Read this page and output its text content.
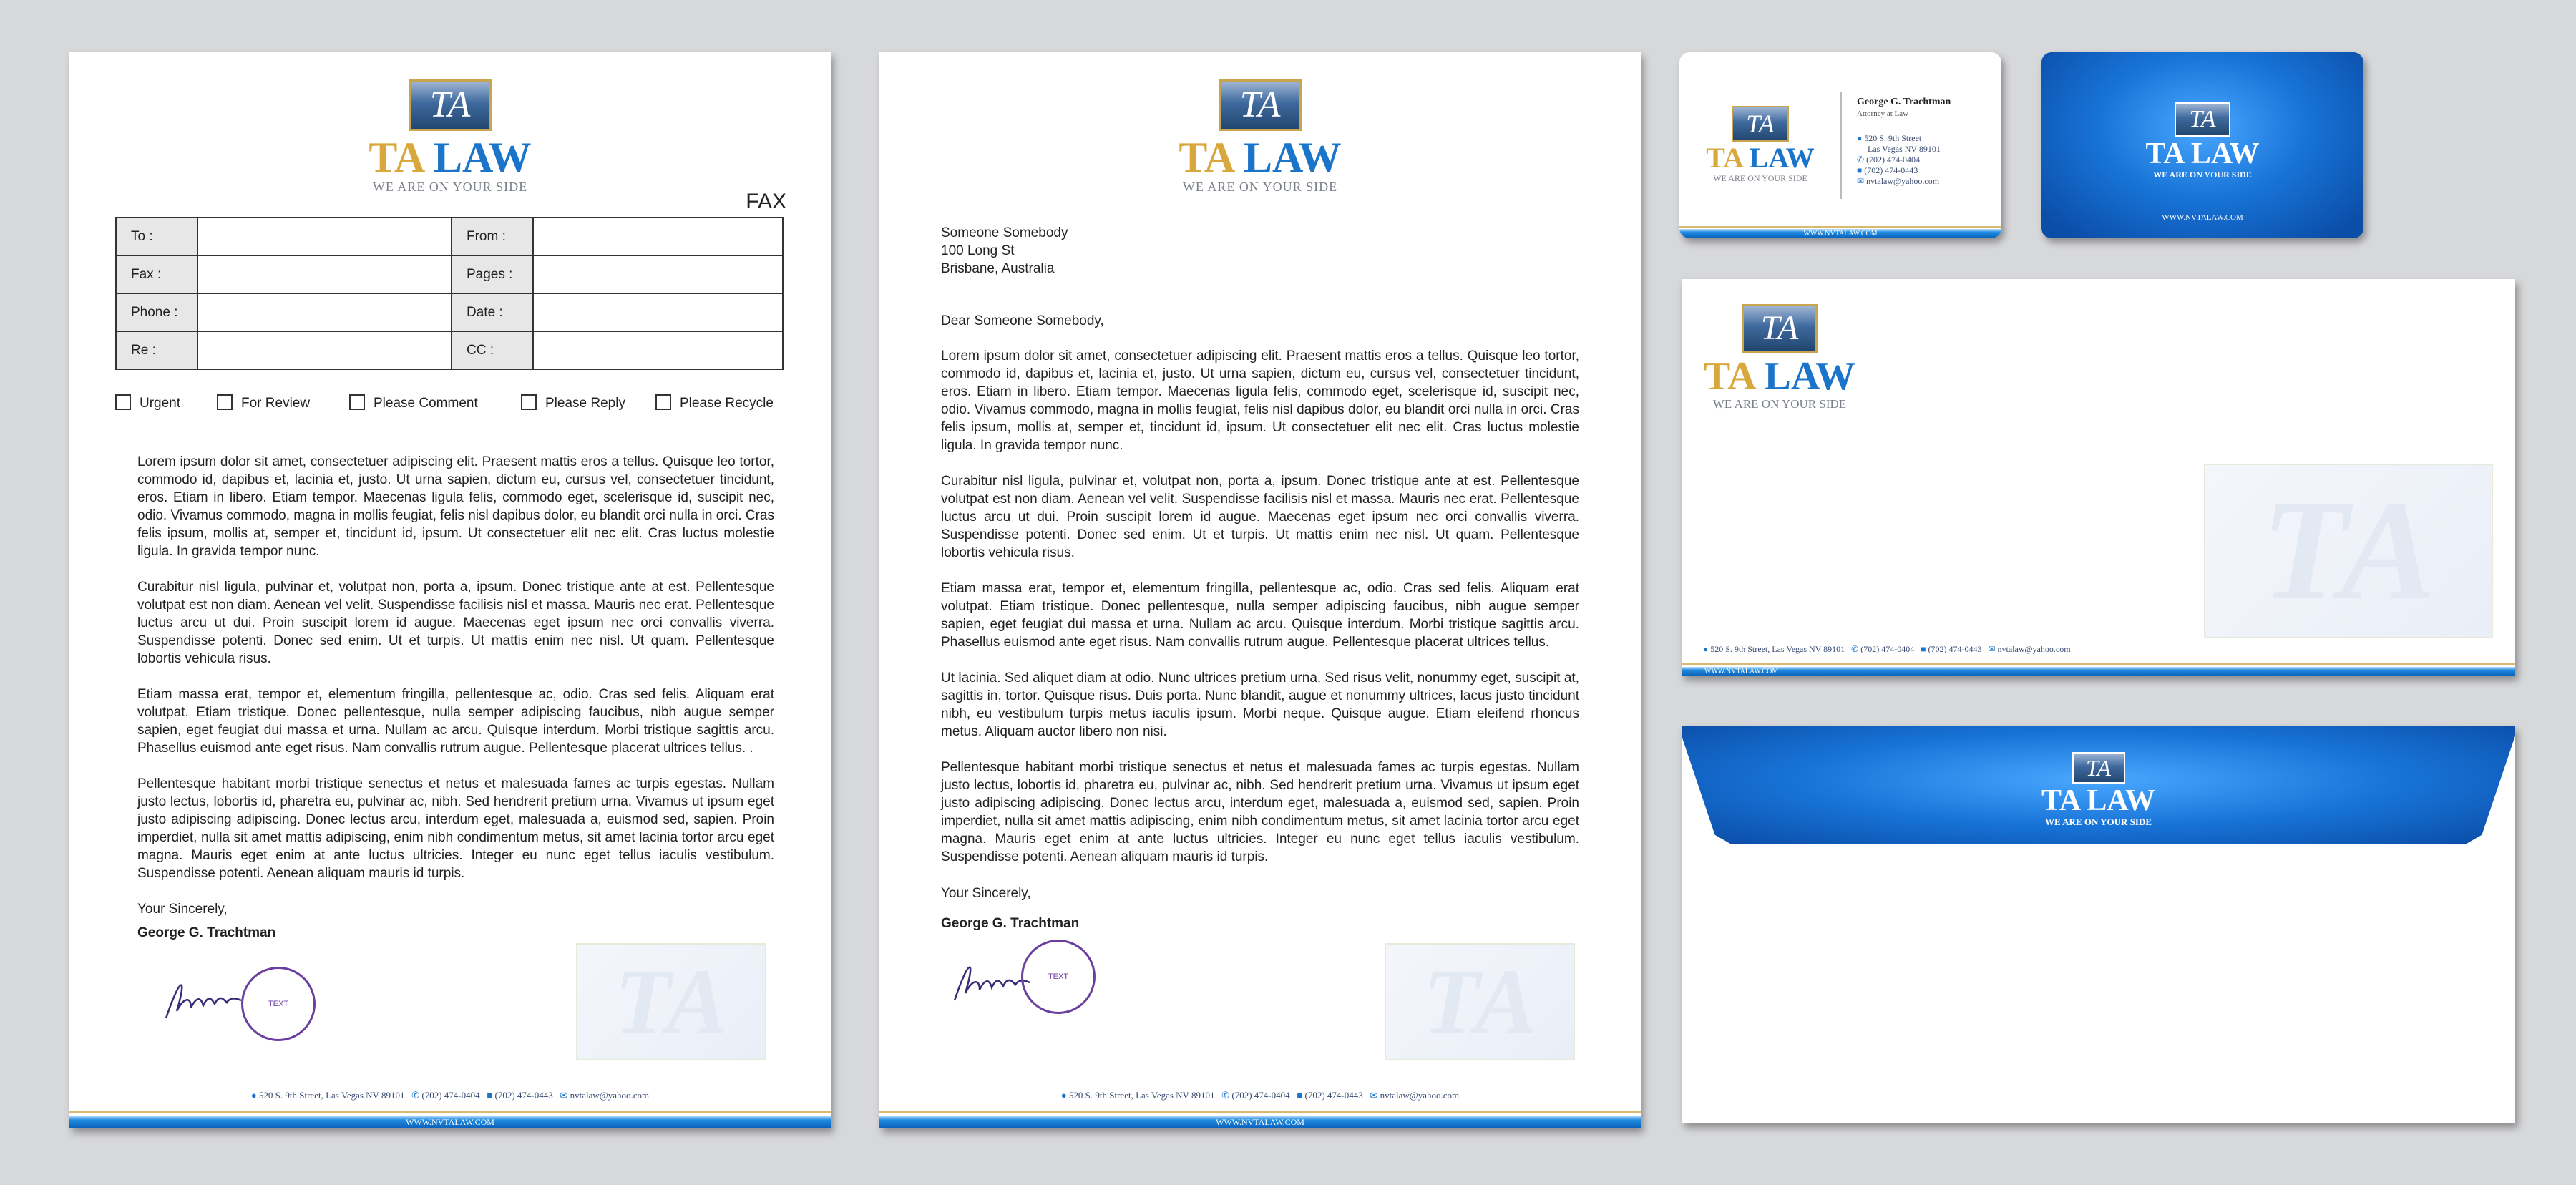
TA
TA LAW
WE ARE ON YOUR SIDE
FAX
To :		From :	
Fax :		Pages :	
Phone :		Date :	
Re :		CC :	
Urgent	For Review	Please Comment	Please Reply	Please Recycle
Lorem ipsum dolor sit amet, consectetuer adipiscing elit. Praesent mattis eros a tellus. Quisque leo tortor, commodo id, dapibus et, lacinia et, justo. Ut urna sapien, dictum eu, cursus vel, consectetuer tincidunt, eros. Etiam in libero. Etiam tempor. Maecenas ligula felis, commodo eget, scelerisque id, suscipit nec, odio. Vivamus commodo, magna in mollis feugiat, felis nisl dapibus dolor, eu blandit orci nulla in orci. Cras felis ipsum, mollis at, semper et, tincidunt id, ipsum. Ut consectetuer elit nec elit. Cras luctus molestie ligula. In gravida tempor nunc.
Curabitur nisl ligula, pulvinar et, volutpat non, porta a, ipsum. Donec tristique ante at est. Pellentesque volutpat est non diam. Aenean vel velit. Suspendisse facilisis nisl et massa. Mauris nec erat. Pellentesque luctus arcu ut dui. Proin suscipit lorem id augue. Maecenas eget ipsum nec orci convallis viverra. Suspendisse potenti. Donec sed enim. Ut et turpis. Ut mattis enim nec nisl. Ut quam. Pellentesque lobortis vehicula risus.
Etiam massa erat, tempor et, elementum fringilla, pellentesque ac, odio. Cras sed felis. Aliquam erat volutpat. Etiam tristique. Donec pellentesque, nulla semper adipiscing faucibus, nibh augue semper sapien, eget feugiat dui massa et urna. Nullam ac arcu. Quisque interdum. Morbi tristique sagittis arcu. Phasellus euismod ante eget risus. Nam convallis rutrum augue. Pellentesque placerat ultrices tellus. .
Pellentesque habitant morbi tristique senectus et netus et malesuada fames ac turpis egestas. Nullam justo lectus, lobortis id, pharetra eu, pulvinar ac, nibh. Sed hendrerit pretium urna. Vivamus ut ipsum eget justo adipiscing adipiscing. Donec lectus arcu, interdum eget, malesuada a, euismod sed, sapien. Proin imperdiet, nulla sit amet mattis adipiscing, enim nibh condimentum metus, sit amet lacinia tortor arcu eget magna. Mauris eget enim at ante luctus ultricies. Integer eu nunc eget tellus iaculis vestibulum. Suspendisse potenti. Aenean aliquam mauris id turpis.
Your Sincerely,
George G. Trachtman
TEXT	TA
● 520 S. 9th Street, Las Vegas NV 89101 ✆ (702) 474-0404 ■ (702) 474-0443 ✉ nvtalaw@yahoo.com
WWW.NVTALAW.COM
TA
TA LAW
WE ARE ON YOUR SIDE
Someone Somebody
100 Long St
Brisbane, Australia
Dear Someone Somebody,
Lorem ipsum dolor sit amet, consectetuer adipiscing elit. Praesent mattis eros a tellus. Quisque leo tortor, commodo id, dapibus et, lacinia et, justo. Ut urna sapien, dictum eu, cursus vel, consectetuer tincidunt, eros. Etiam in libero. Etiam tempor. Maecenas ligula felis, commodo eget, scelerisque id, suscipit nec, odio. Vivamus commodo, magna in mollis feugiat, felis nisl dapibus dolor, eu blandit orci nulla in orci. Cras felis ipsum, mollis at, semper et, tincidunt id, ipsum. Ut consectetuer elit nec elit. Cras luctus molestie ligula. In gravida tempor nunc.
Curabitur nisl ligula, pulvinar et, volutpat non, porta a, ipsum. Donec tristique ante at est. Pellentesque volutpat est non diam. Aenean vel velit. Suspendisse facilisis nisl et massa. Mauris nec erat. Pellentesque luctus arcu ut dui. Proin suscipit lorem id augue. Maecenas eget ipsum nec orci convallis viverra. Suspendisse potenti. Donec sed enim. Ut et turpis. Ut mattis enim nec nisl. Ut quam. Pellentesque lobortis vehicula risus.
Etiam massa erat, tempor et, elementum fringilla, pellentesque ac, odio. Cras sed felis. Aliquam erat volutpat. Etiam tristique. Donec pellentesque, nulla semper adipiscing faucibus, nibh augue semper sapien, eget feugiat dui massa et urna. Nullam ac arcu. Quisque interdum. Morbi tristique sagittis arcu. Phasellus euismod ante eget risus. Nam convallis rutrum augue. Pellentesque placerat ultrices tellus.
Ut lacinia. Sed aliquet diam at odio. Nunc ultrices pretium urna. Sed risus velit, nonummy eget, suscipit at, sagittis in, tortor. Quisque risus. Duis porta. Nunc blandit, augue et nonummy ultrices, lacus justo tincidunt nibh, eu vestibulum turpis metus iaculis ipsum. Morbi neque. Quisque augue. Etiam eleifend rhoncus metus. Aliquam auctor libero non nisi.
Pellentesque habitant morbi tristique senectus et netus et malesuada fames ac turpis egestas. Nullam justo lectus, lobortis id, pharetra eu, pulvinar ac, nibh. Sed hendrerit pretium urna. Vivamus ut ipsum eget justo adipiscing adipiscing. Donec lectus arcu, interdum eget, malesuada a, euismod sed, sapien. Proin imperdiet, nulla sit amet mattis adipiscing, enim nibh condimentum metus, sit amet lacinia tortor arcu eget magna. Mauris eget enim at ante luctus ultricies. Integer eu nunc eget tellus iaculis vestibulum. Suspendisse potenti. Aenean aliquam mauris id turpis.
Your Sincerely,
George G. Trachtman
TEXT	TA
● 520 S. 9th Street, Las Vegas NV 89101 ✆ (702) 474-0404 ■ (702) 474-0443 ✉ nvtalaw@yahoo.com
WWW.NVTALAW.COM
TA
TA LAW
WE ARE ON YOUR SIDE
George G. Trachtman
Attorney at Law
● 520 S. 9th Street
Las Vegas NV 89101
✆ (702) 474-0404
■ (702) 474-0443
✉ nvtalaw@yahoo.com
WWW.NVTALAW.COM
TA
TA LAW
WE ARE ON YOUR SIDE
WWW.NVTALAW.COM
TA
TA LAW
WE ARE ON YOUR SIDE
TA
● 520 S. 9th Street, Las Vegas NV 89101 ✆ (702) 474-0404 ■ (702) 474-0443 ✉ nvtalaw@yahoo.com
WWW.NVTALAW.COM
TA
TA LAW
WE ARE ON YOUR SIDE
